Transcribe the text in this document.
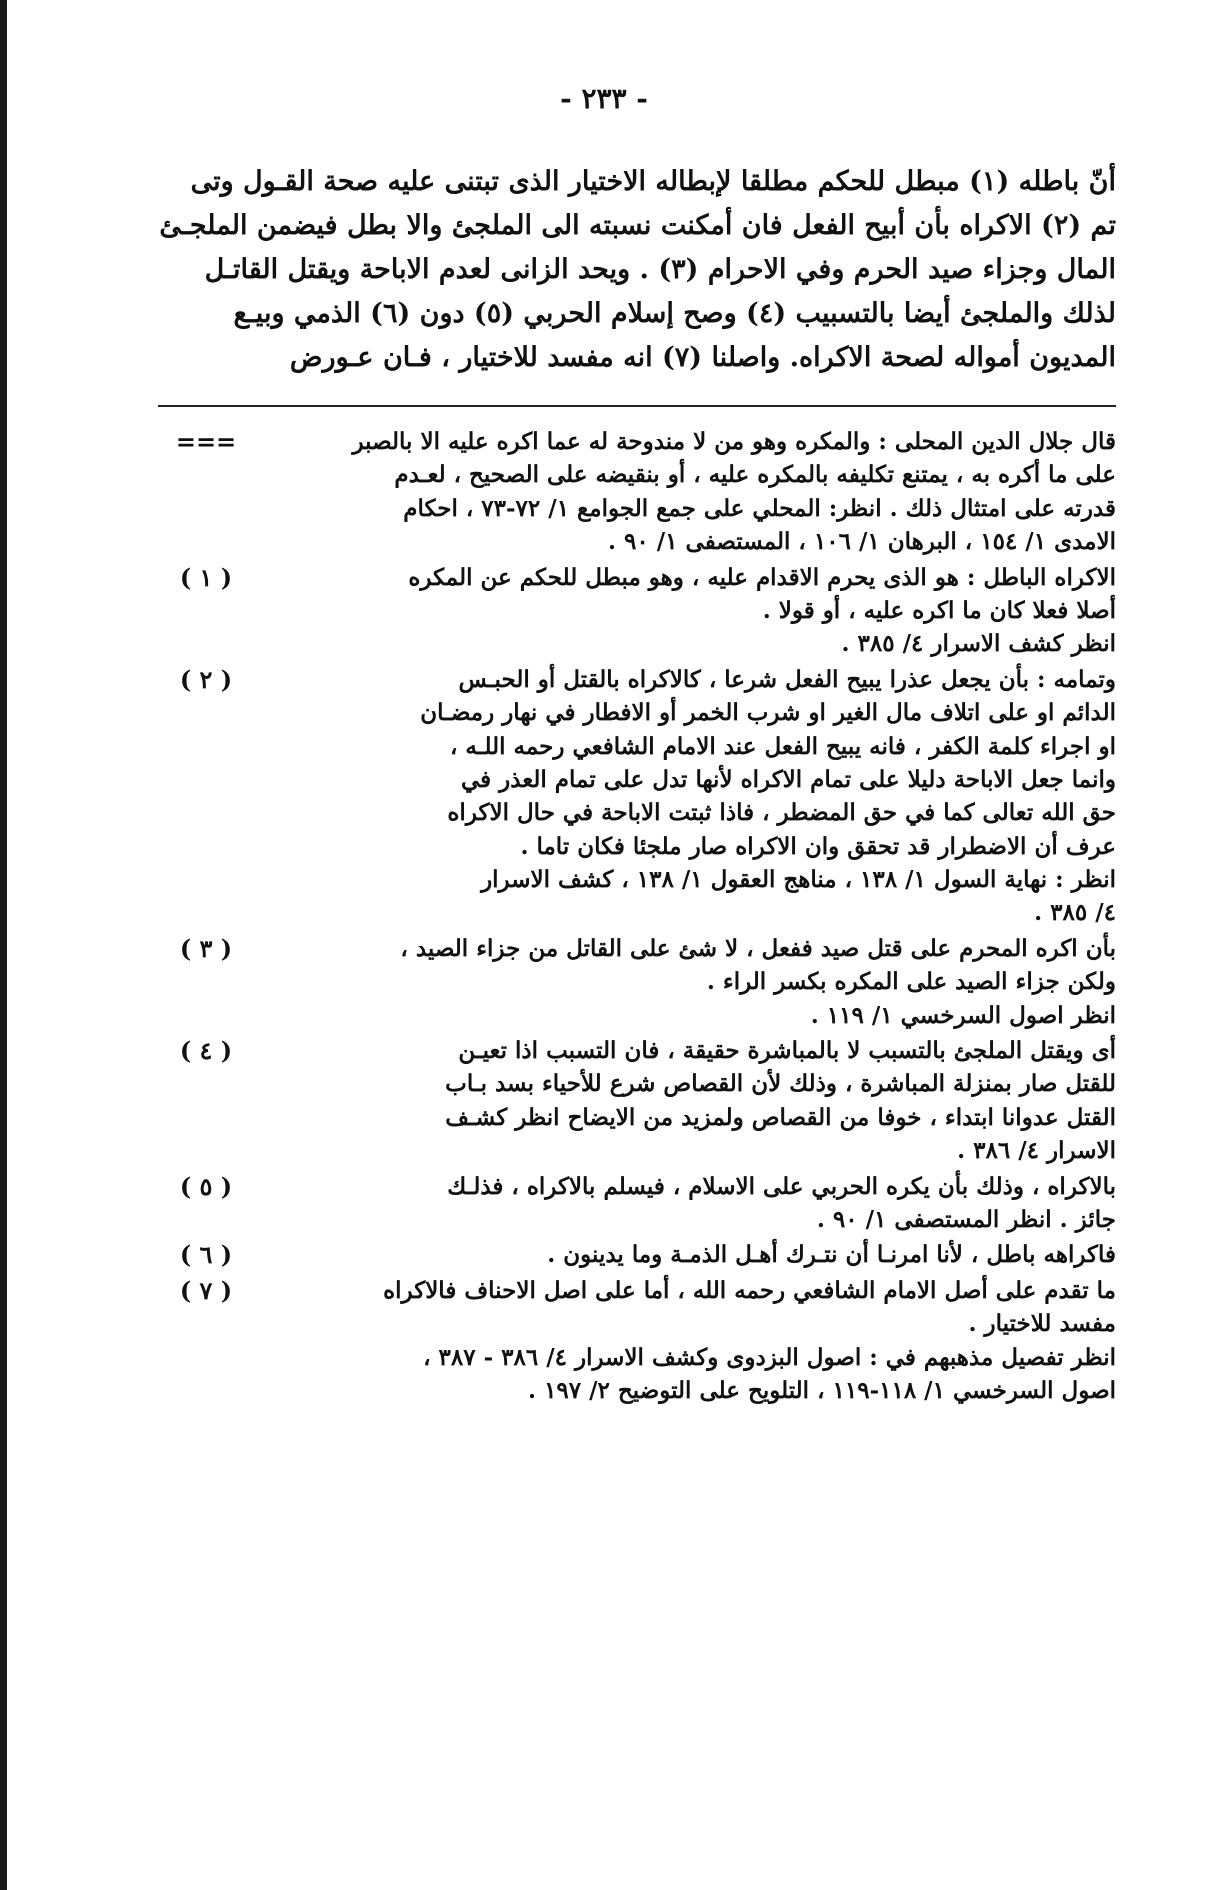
- ٢٣٣ -
أنّ باطله (١) مبطل للحكم مطلقا لإبطاله الاختيار الذى تبتنى عليه صحة القـول وتى
تم (٢) الاكراه بأن أبيح الفعل فان أمكنت نسبته الى الملجئ والا بطل فيضمن الملجـئ
المال وجزاء صيد الحرم وفي الاحرام (٣) . ويحد الزانى لعدم الاباحة ويقتل القاتـل
لذلك والملجئ أيضا بالتسبيب (٤) وصح إسلام الحربي (٥) دون (٦) الذمي وبيـع
المديون أمواله لصحة الاكراه. واصلنا (٧) انه مفسد للاختيار ، فـان عـورض
===	قال جلال الدين المحلى : والمكره وهو من لا مندوحة له عما اكره عليه الا بالصبر
على ما أكره به ، يمتنع تكليفه بالمكره عليه ، أو بنقيضه على الصحيح ، لعـدم
قدرته على امتثال ذلك . انظر: المحلي على جمع الجوامع ١/ ٧٢-٧٣ ، احكام
الامدى ١/ ١٥٤ ، البرهان ١/ ١٠٦ ، المستصفى ١/ ٩٠ .
( ١ )	الاكراه الباطل : هو الذى يحرم الاقدام عليه ، وهو مبطل للحكم عن المكره
أصلا فعلا كان ما اكره عليه ، أو قولا .
انظر كشف الاسرار ٤/ ٣٨٥ .
( ٢ )	وتمامه : بأن يجعل عذرا يبيح الفعل شرعا ، كالاكراه بالقتل أو الحبـس
الدائم او على اتلاف مال الغير او شرب الخمر أو الافطار في نهار رمضـان
او اجراء كلمة الكفر ، فانه يبيح الفعل عند الامام الشافعي رحمه اللـه ،
وانما جعل الاباحة دليلا على تمام الاكراه لأنها تدل على تمام العذر في
حق الله تعالى كما في حق المضطر ، فاذا ثبتت الاباحة في حال الاكراه
عرف أن الاضطرار قد تحقق وان الاكراه صار ملجئا فكان تاما .
انظر : نهاية السول ١/ ١٣٨ ، مناهج العقول ١/ ١٣٨ ، كشف الاسرار
٤/ ٣٨٥ .
( ٣ )	بأن اكره المحرم على قتل صيد ففعل ، لا شئ على القاتل من جزاء الصيد ،
ولكن جزاء الصيد على المكره بكسر الراء .
انظر اصول السرخسي ١/ ١١٩ .
( ٤ )	أى ويقتل الملجئ بالتسبب لا بالمباشرة حقيقة ، فان التسبب اذا تعيـن
للقتل صار بمنزلة المباشرة ، وذلك لأن القصاص شرع للأحياء بسد بـاب
القتل عدوانا ابتداء ، خوفا من القصاص ولمزيد من الايضاح انظر كشـف
الاسرار ٤/ ٣٨٦ .
( ٥ )	بالاكراه ، وذلك بأن يكره الحربي على الاسلام ، فيسلم بالاكراه ، فذلـك
جائز . انظر المستصفى ١/ ٩٠ .
( ٦ )	فاكراهه باطل ، لأنا امرنـا أن نتـرك أهـل الذمـة وما يدينون .
( ٧ )	ما تقدم على أصل الامام الشافعي رحمه الله ، أما على اصل الاحناف فالاكراه
مفسد للاختيار .
انظر تفصيل مذهبهم في : اصول البزدوى وكشف الاسرار ٤/ ٣٨٦ - ٣٨٧ ،
اصول السرخسي ١/ ١١٨-١١٩ ، التلويح على التوضيح ٢/ ١٩٧ .
